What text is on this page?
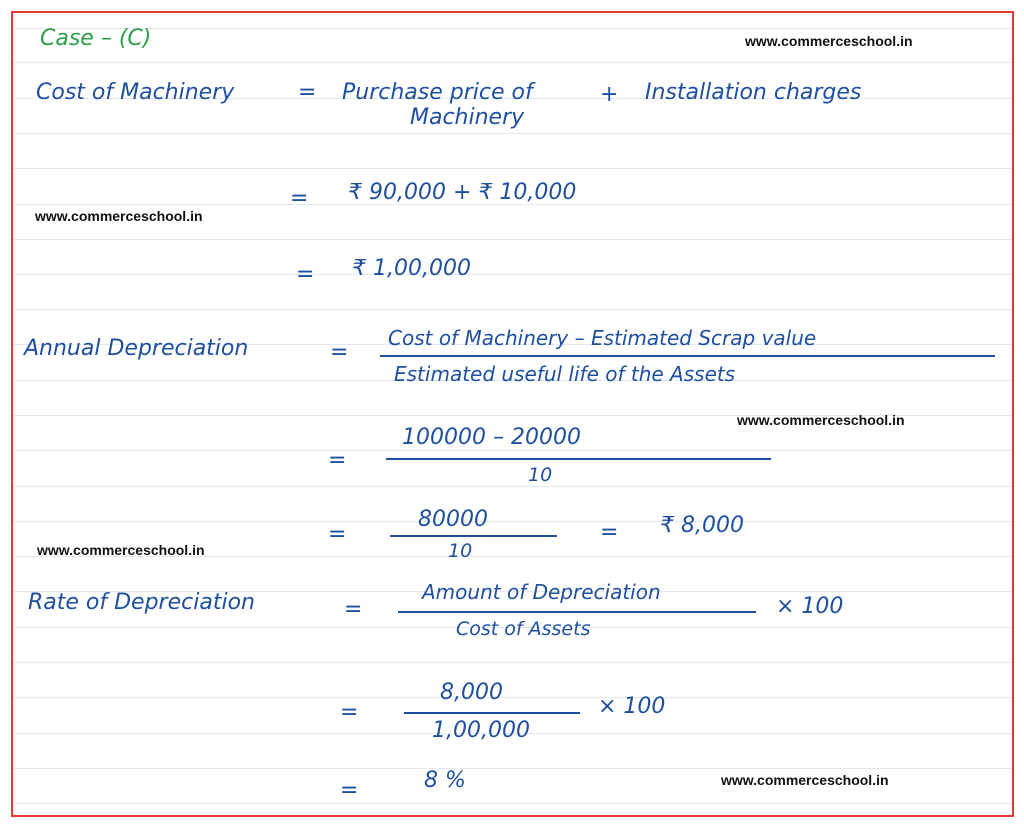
Case – (C)	www.commerceschool.in
www.commerceschool.in
www.commerceschool.in
www.commerceschool.in
www.commerceschool.in
Cost of Machinery	= Purchase price of
Machinery
+ Installation charges
= ₹ 90,000 + ₹ 10,000
= ₹ 1,00,000
Annual Depreciation	=
Cost of Machinery – Estimated Scrap value
Estimated useful life of the Assets
=
100000 – 20000
10
=
80000
10
= ₹ 8,000
Rate of Depreciation	=
Amount of Depreciation
Cost of Assets
× 100
=
8,000
1,00,000
× 100
=	8 %
